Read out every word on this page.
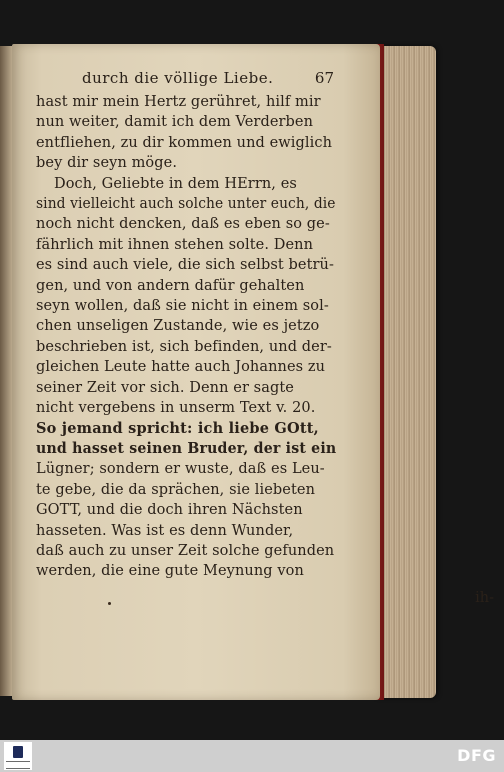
durch die völlige Liebe.	67
hast mir mein Hertz gerühret, hilf mir
nun weiter, damit ich dem Verderben
entfliehen, zu dir kommen und ewiglich
bey dir seyn möge.
Doch, Geliebte in dem HErrn, es
sind vielleicht auch solche unter euch, die
noch nicht dencken, daß es eben so ge-
fährlich mit ihnen stehen solte. Denn
es sind auch viele, die sich selbst betrü-
gen, und von andern dafür gehalten
seyn wollen, daß sie nicht in einem sol-
chen unseligen Zustande, wie es jetzo
beschrieben ist, sich befinden, und der-
gleichen Leute hatte auch Johannes zu
seiner Zeit vor sich. Denn er sagte
nicht vergebens in unserm Text v. 20.
So jemand spricht: ich liebe GOtt,
und hasset seinen Bruder, der ist ein
Lügner; sondern er wuste, daß es Leu-
te gebe, die da sprächen, sie liebeten
GOTT, und die doch ihren Nächsten
hasseten. Was ist es denn Wunder,
daß auch zu unser Zeit solche gefunden
werden, die eine gute Meynung von
ih-
DFG
